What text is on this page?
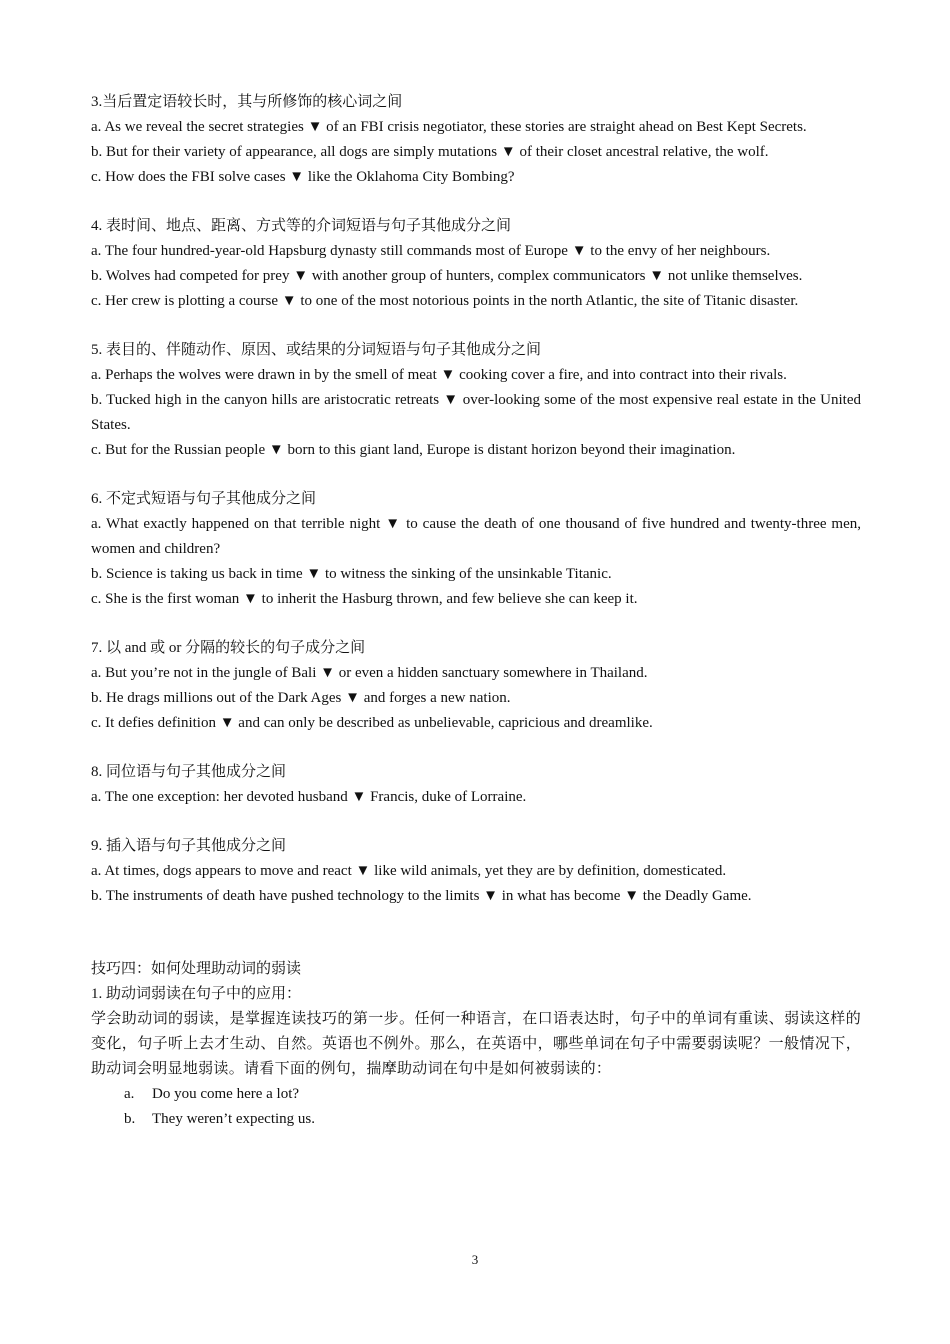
3.当后置定语较长时，其与所修饰的核心词之间

a. As we reveal the secret strategies ▼ of an FBI crisis negotiator, these stories are straight ahead on Best Kept Secrets.

b. But for their variety of appearance, all dogs are simply mutations ▼ of their closet ancestral relative, the wolf.

c. How does the FBI solve cases ▼ like the Oklahoma City Bombing?

4. 表时间、地点、距离、方式等的介词短语与句子其他成分之间

a. The four hundred-year-old Hapsburg dynasty still commands most of Europe ▼ to the envy of her neighbours.

b. Wolves had competed for prey ▼ with another group of hunters, complex communicators ▼ not unlike themselves.

c. Her crew is plotting a course ▼ to one of the most notorious points in the north Atlantic, the site of Titanic disaster.

5. 表目的、伴随动作、原因、或结果的分词短语与句子其他成分之间

a. Perhaps the wolves were drawn in by the smell of meat ▼ cooking cover a fire, and into contract into their rivals.

b. Tucked high in the canyon hills are aristocratic retreats ▼ over-looking some of the most expensive real estate in the United States.

c. But for the Russian people ▼ born to this giant land, Europe is distant horizon beyond their imagination.

6. 不定式短语与句子其他成分之间

a. What exactly happened on that terrible night ▼ to cause the death of one thousand of five hundred and twenty-three men, women and children?

b. Science is taking us back in time ▼ to witness the sinking of the unsinkable Titanic.

c. She is the first woman ▼ to inherit the Hasburg thrown, and few believe she can keep it.

7. 以 and 或 or 分隔的较长的句子成分之间

a. But you’re not in the jungle of Bali ▼ or even a hidden sanctuary somewhere in Thailand.

b. He drags millions out of the Dark Ages ▼ and forges a new nation.

c. It defies definition ▼ and can only be described as unbelievable, capricious and dreamlike.

8. 同位语与句子其他成分之间

a. The one exception: her devoted husband ▼ Francis, duke of Lorraine.

9. 插入语与句子其他成分之间

a. At times, dogs appears to move and react ▼ like wild animals, yet they are by definition, domesticated.

b. The instruments of death have pushed technology to the limits ▼ in what has become ▼ the Deadly Game.

技巧四：如何处理助动词的弱读

1. 助动词弱读在句子中的应用：

学会助动词的弱读，是掌握连读技巧的第一步。任何一种语言，在口语表达时，句子中的单词有重读、弱读这样的变化，句子听上去才生动、自然。英语也不例外。那么，在英语中，哪些单词在句子中需要弱读呢？一般情况下，助动词会明显地弱读。请看下面的例句，揣摩助动词在句中是如何被弱读的：

a. Do you come here a lot?

b. They weren’t expecting us.

3
